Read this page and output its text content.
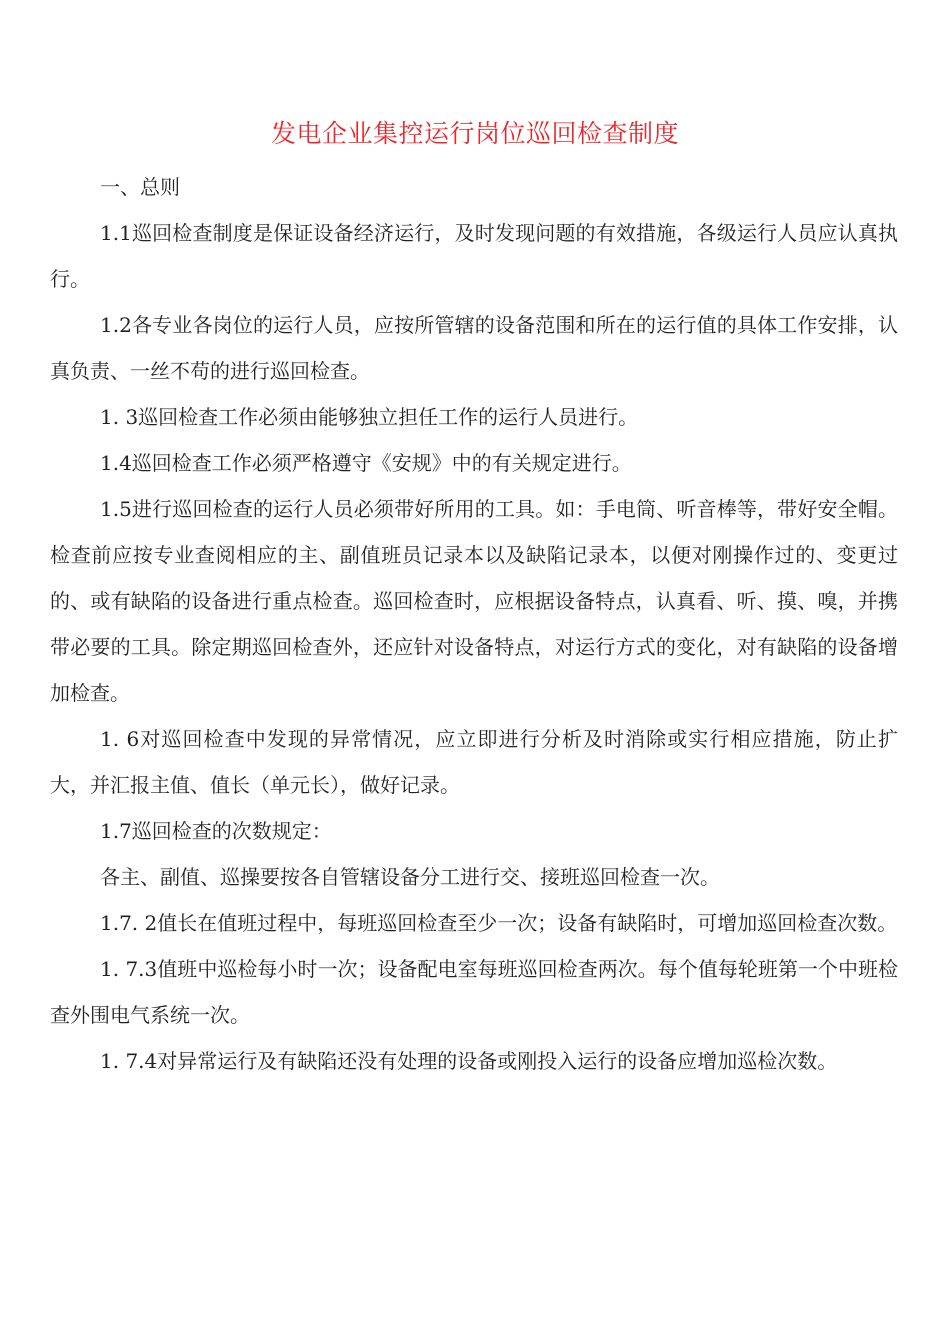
发电企业集控运行岗位巡回检查制度

一、总则

1.1巡回检查制度是保证设备经济运行，及时发现问题的有效措施，各级运行人员应认真执行。

1.2各专业各岗位的运行人员，应按所管辖的设备范围和所在的运行值的具体工作安排，认真负责、一丝不苟的进行巡回检查。

1. 3巡回检查工作必须由能够独立担任工作的运行人员进行。

1.4巡回检查工作必须严格遵守《安规》中的有关规定进行。

1.5进行巡回检查的运行人员必须带好所用的工具。如：手电筒、听音棒等，带好安全帽。检查前应按专业查阅相应的主、副值班员记录本以及缺陷记录本，以便对刚操作过的、变更过的、或有缺陷的设备进行重点检查。巡回检查时，应根据设备特点，认真看、听、摸、嗅，并携带必要的工具。除定期巡回检查外，还应针对设备特点，对运行方式的变化，对有缺陷的设备增加检查。

1. 6对巡回检查中发现的异常情况，应立即进行分析及时消除或实行相应措施，防止扩大，并汇报主值、值长（单元长），做好记录。

1.7巡回检查的次数规定：

各主、副值、巡操要按各自管辖设备分工进行交、接班巡回检查一次。

1.7. 2值长在值班过程中，每班巡回检查至少一次；设备有缺陷时，可增加巡回检查次数。

1. 7.3值班中巡检每小时一次；设备配电室每班巡回检查两次。每个值每轮班第一个中班检查外围电气系统一次。

1. 7.4对异常运行及有缺陷还没有处理的设备或刚投入运行的设备应增加巡检次数。
